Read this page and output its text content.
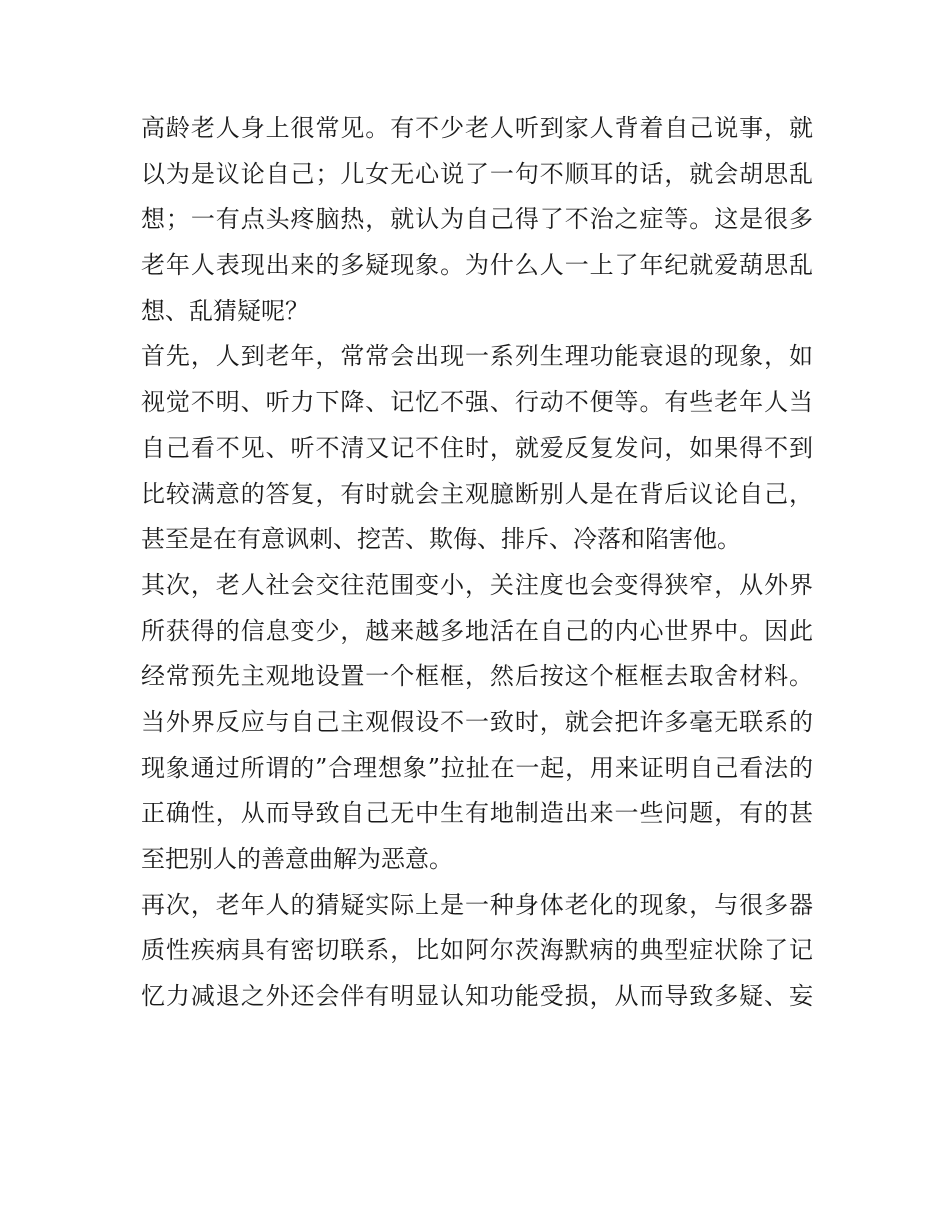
高龄老人身上很常见。有不少老人听到家人背着自己说事，就
以为是议论自己；儿女无心说了一句不顺耳的话，就会胡思乱
想；一有点头疼脑热，就认为自己得了不治之症等。这是很多
老年人表现出来的多疑现象。为什么人一上了年纪就爱葫思乱
想、乱猜疑呢？
首先，人到老年，常常会出现一系列生理功能衰退的现象，如
视觉不明、听力下降、记忆不强、行动不便等。有些老年人当
自己看不见、听不清又记不住时，就爱反复发问，如果得不到
比较满意的答复，有时就会主观臆断别人是在背后议论自己，
甚至是在有意讽刺、挖苦、欺侮、排斥、冷落和陷害他。
其次，老人社会交往范围变小，关注度也会变得狭窄，从外界
所获得的信息变少，越来越多地活在自己的内心世界中。因此
经常预先主观地设置一个框框，然后按这个框框去取舍材料。
当外界反应与自己主观假设不一致时，就会把许多毫无联系的
现象通过所谓的”合理想象”拉扯在一起，用来证明自己看法的
正确性，从而导致自己无中生有地制造出来一些问题，有的甚
至把别人的善意曲解为恶意。
再次，老年人的猜疑实际上是一种身体老化的现象，与很多器
质性疾病具有密切联系，比如阿尔茨海默病的典型症状除了记
忆力减退之外还会伴有明显认知功能受损，从而导致多疑、妄
